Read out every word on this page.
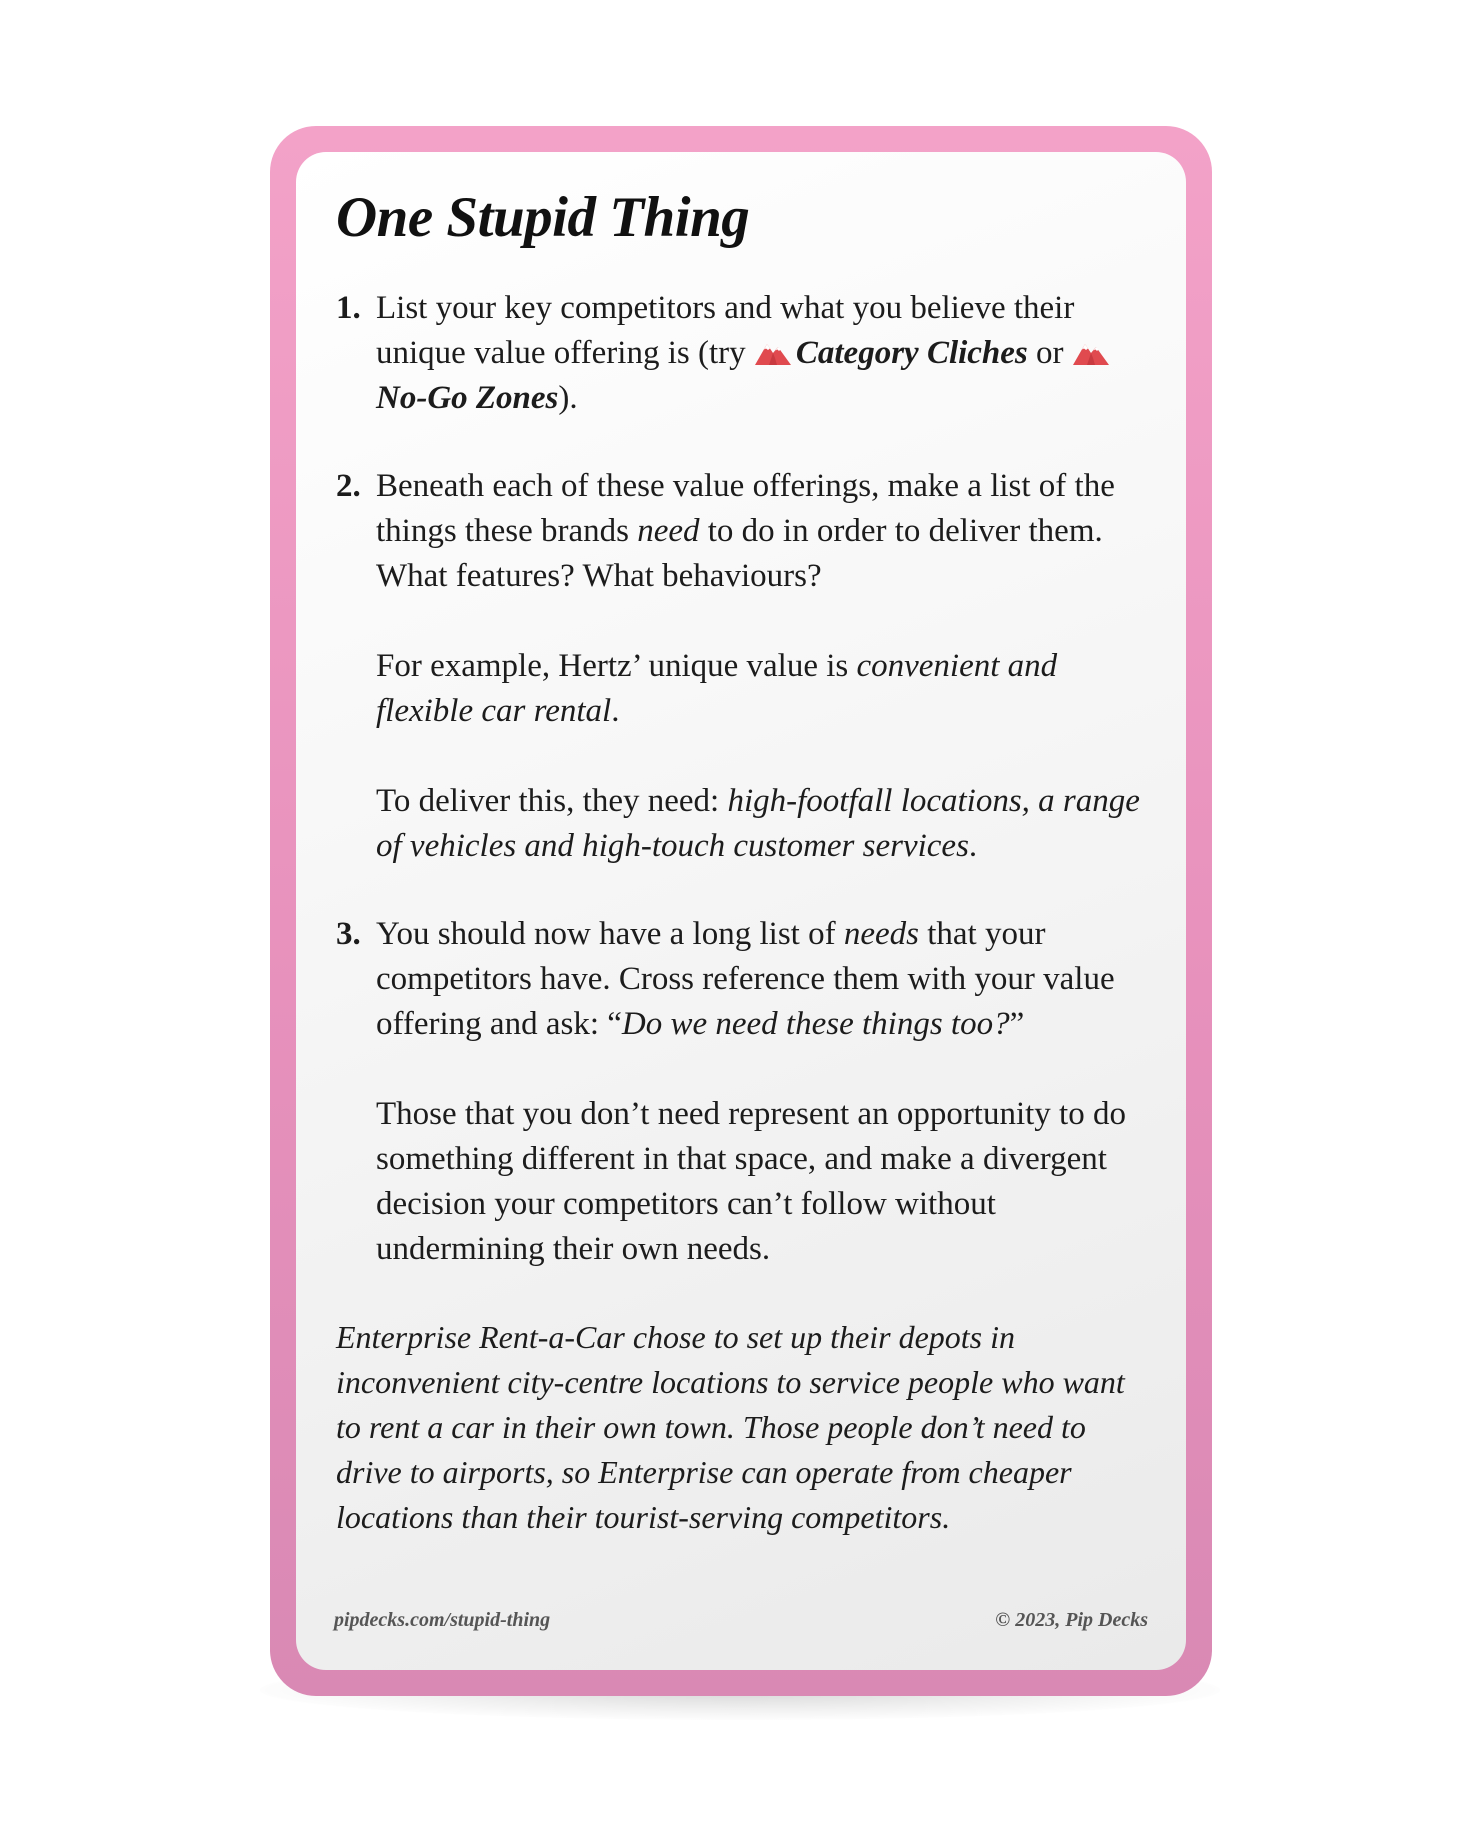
One Stupid Thing
1. List your key competitors and what you believe their unique value offering is (try Category Cliches or No-Go Zones).

2. Beneath each of these value offerings, make a list of the things these brands need to do in order to deliver them. What features? What behaviours?

For example, Hertz’ unique value is convenient and flexible car rental.

To deliver this, they need: high-footfall locations, a range of vehicles and high-touch customer services.

3. You should now have a long list of needs that your competitors have. Cross reference them with your value offering and ask: “Do we need these things too?”

Those that you don’t need represent an opportunity to do something different in that space, and make a divergent decision your competitors can’t follow without undermining their own needs.

Enterprise Rent-a-Car chose to set up their depots in inconvenient city-centre locations to service people who want to rent a car in their own town. Those people don’t need to drive to airports, so Enterprise can operate from cheaper locations than their tourist-serving competitors.

pipdecks.com/stupid-thing	© 2023, Pip Decks
